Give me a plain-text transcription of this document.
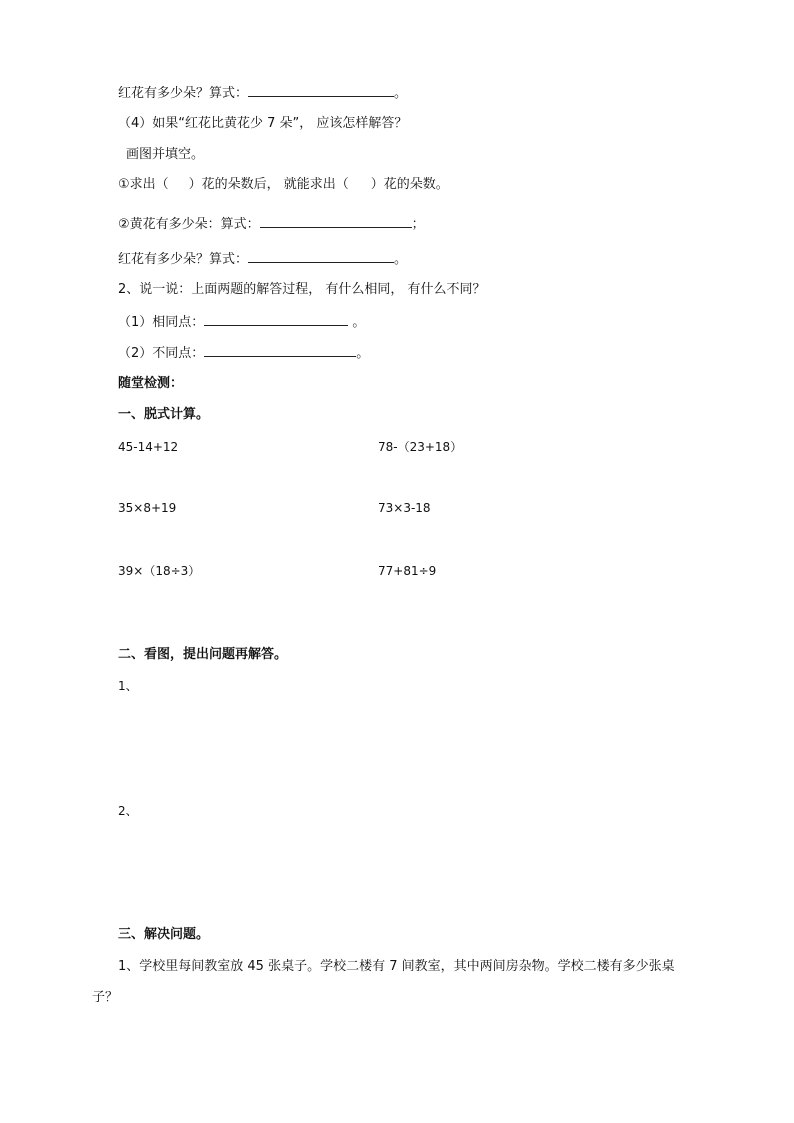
红花有多少朵？算式：	。
（4）如果“红花比黄花少 7 朵”， 应该怎样解答？
画图并填空。
①求出（ ）花的朵数后， 就能求出（ ）花的朵数。
②黄花有多少朵：算式：	；
红花有多少朵？算式：	。
2、说一说：上面两题的解答过程， 有什么相同， 有什么不同？
（1）相同点：	。
（2）不同点：	。
随堂检测：
一、脱式计算。
45-14+12	78-（23+18）
35×8+19	73×3-18
39×（18÷3）	77+81÷9
二、看图，提出问题再解答。
1、
2、
三、解决问题。
1、学校里每间教室放 45 张桌子。学校二楼有 7 间教室，其中两间房杂物。学校二楼有多少张桌
子？
